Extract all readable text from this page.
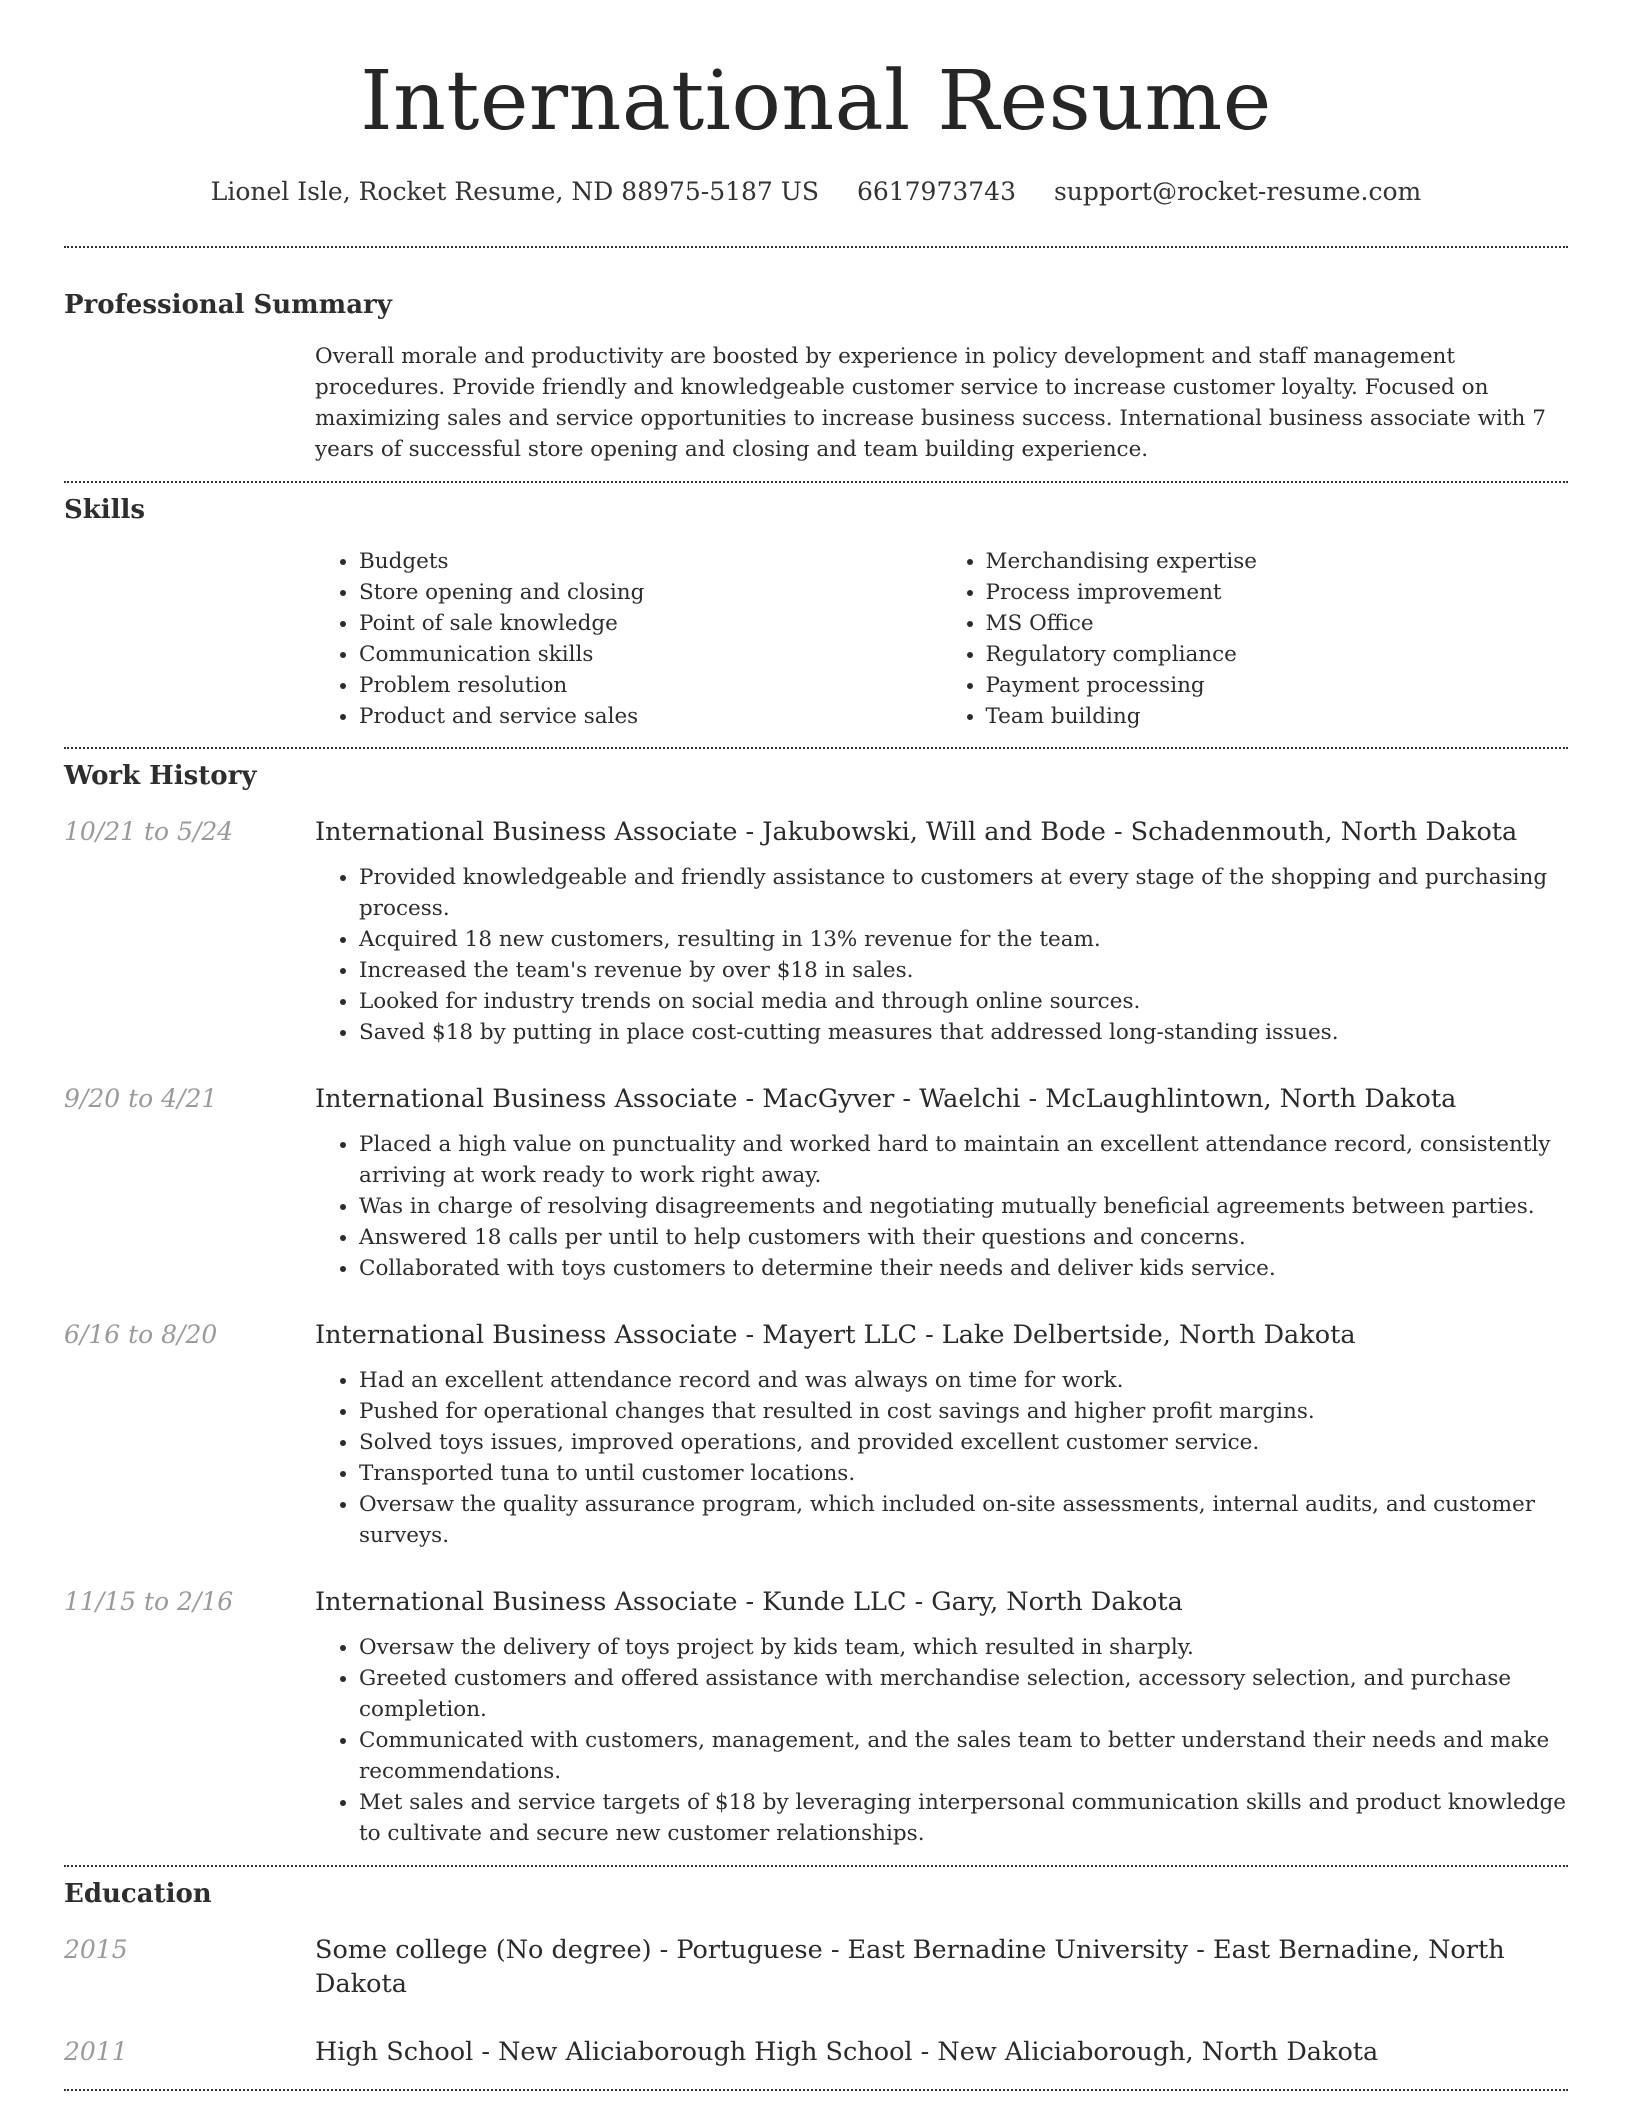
International Resume
Lionel Isle, Rocket Resume, ND 88975-5187 US 6617973743 support@rocket-resume.com
Professional Summary

Overall morale and productivity are boosted by experience in policy development and staff management procedures. Provide friendly and knowledgeable customer service to increase customer loyalty. Focused on maximizing sales and service opportunities to increase business success. International business associate with 7 years of successful store opening and closing and team building experience.

Skills
• Budgets
• Store opening and closing
• Point of sale knowledge
• Communication skills
• Problem resolution
• Product and service sales
• Merchandising expertise
• Process improvement
• MS Office
• Regulatory compliance
• Payment processing
• Team building
Work History
10/21 to 5/24	International Business Associate - Jakubowski, Will and Bode - Schadenmouth, North Dakota
• Provided knowledgeable and friendly assistance to customers at every stage of the shopping and purchasing process.
• Acquired 18 new customers, resulting in 13% revenue for the team.
• Increased the team's revenue by over $18 in sales.
• Looked for industry trends on social media and through online sources.
• Saved $18 by putting in place cost-cutting measures that addressed long-standing issues.
9/20 to 4/21	International Business Associate - MacGyver - Waelchi - McLaughlintown, North Dakota
• Placed a high value on punctuality and worked hard to maintain an excellent attendance record, consistently arriving at work ready to work right away.
• Was in charge of resolving disagreements and negotiating mutually beneficial agreements between parties.
• Answered 18 calls per until to help customers with their questions and concerns.
• Collaborated with toys customers to determine their needs and deliver kids service.
6/16 to 8/20	International Business Associate - Mayert LLC - Lake Delbertside, North Dakota
• Had an excellent attendance record and was always on time for work.
• Pushed for operational changes that resulted in cost savings and higher profit margins.
• Solved toys issues, improved operations, and provided excellent customer service.
• Transported tuna to until customer locations.
• Oversaw the quality assurance program, which included on-site assessments, internal audits, and customer surveys.
11/15 to 2/16	International Business Associate - Kunde LLC - Gary, North Dakota
• Oversaw the delivery of toys project by kids team, which resulted in sharply.
• Greeted customers and offered assistance with merchandise selection, accessory selection, and purchase completion.
• Communicated with customers, management, and the sales team to better understand their needs and make recommendations.
• Met sales and service targets of $18 by leveraging interpersonal communication skills and product knowledge to cultivate and secure new customer relationships.
Education
2015	Some college (No degree) - Portuguese - East Bernadine University - East Bernadine, North Dakota
2011	High School - New Aliciaborough High School - New Aliciaborough, North Dakota
